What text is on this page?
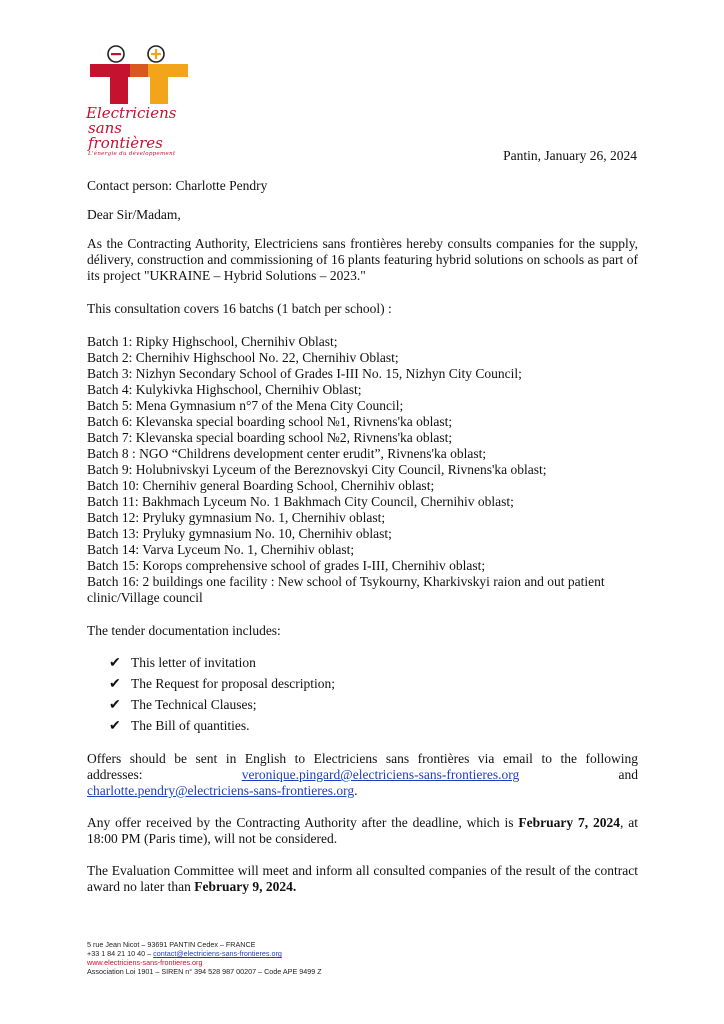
Electriciens
sans frontières
L'énergie du développement	Pantin, January 26, 2024

Contact person: Charlotte Pendry

Dear Sir/Madam,

As the Contracting Authority, Electriciens sans frontières hereby consults companies for the supply, délivery, construction and commissioning of 16 plants featuring hybrid solutions on schools as part of its project "UKRAINE – Hybrid Solutions – 2023."

This consultation covers 16 batchs (1 batch per school) :

Batch 1: Ripky Highschool, Chernihiv Oblast;
Batch 2: Chernihiv Highschool No. 22, Chernihiv Oblast;
Batch 3: Nizhyn Secondary School of Grades I-III No. 15, Nizhyn City Council;
Batch 4: Kulykivka Highschool, Chernihiv Oblast;
Batch 5: Mena Gymnasium n°7 of the Mena City Council;
Batch 6: Klevanska special boarding school №1, Rivnens'ka oblast;
Batch 7: Klevanska special boarding school №2, Rivnens'ka oblast;
Batch 8 : NGO “Childrens development center erudit”, Rivnens'ka oblast;
Batch 9: Holubnivskyi Lyceum of the Bereznovskyi City Council, Rivnens'ka oblast;
Batch 10: Chernihiv general Boarding School, Chernihiv oblast;
Batch 11: Bakhmach Lyceum No. 1 Bakhmach City Council, Chernihiv oblast;
Batch 12: Pryluky gymnasium No. 1, Chernihiv oblast;
Batch 13: Pryluky gymnasium No. 10, Chernihiv oblast;
Batch 14: Varva Lyceum No. 1, Chernihiv oblast;
Batch 15: Korops comprehensive school of grades I-III, Chernihiv oblast;
Batch 16: 2 buildings one facility : New school of Tsykourny, Kharkivskyi raion and out patient clinic/Village council

The tender documentation includes:

✔ This letter of invitation
✔ The Request for proposal description;
✔ The Technical Clauses;
✔ The Bill of quantities.
Offers should be sent in English to Electriciens sans frontières via email to the following
addresses:	veronique.pingard@electriciens-sans-frontieres.org	and
charlotte.pendry@electriciens-sans-frontieres.org.

Any offer received by the Contracting Authority after the deadline, which is February 7, 2024, at 18:00 PM (Paris time), will not be considered.

The Evaluation Committee will meet and inform all consulted companies of the result of the contract award no later than February 9, 2024.

5 rue Jean Nicot – 93691 PANTIN Cedex – FRANCE
+33 1 84 21 10 40 – contact@electriciens-sans-frontieres.org
www.electriciens-sans-frontieres.org
Association Loi 1901 – SIREN n° 394 528 987 00207 – Code APE 9499 Z
